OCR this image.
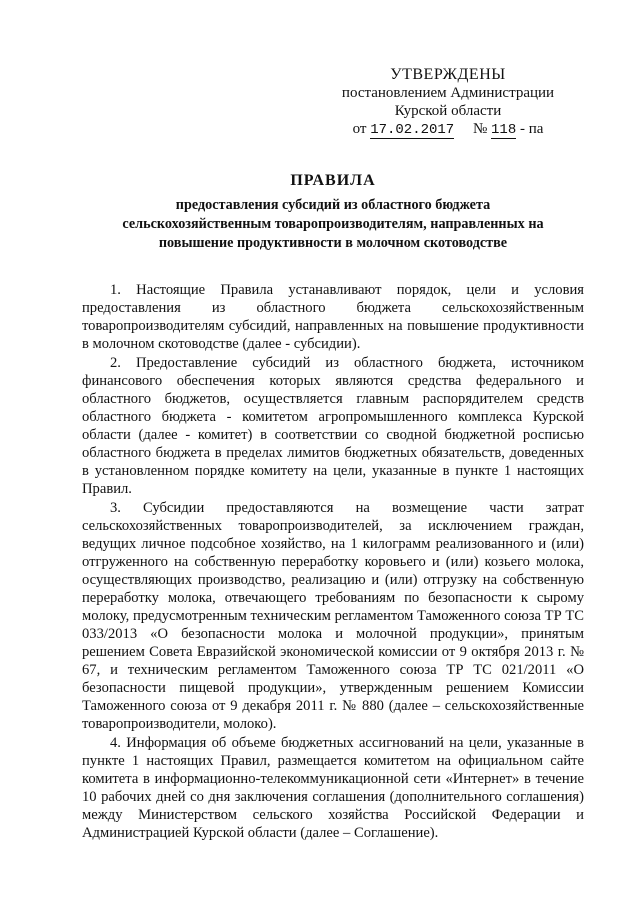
УТВЕРЖДЕНЫ
постановлением Администрации
Курской области
от 17.02.2017 № 118 - па
ПРАВИЛА
предоставления субсидий из областного бюджета
сельскохозяйственным товаропроизводителям, направленных на
повышение продуктивности в молочном скотоводстве

1. Настоящие Правила устанавливают порядок, цели и условия предоставления из областного бюджета сельскохозяйственным товаропроизводителям субсидий, направленных на повышение продуктивности в молочном скотоводстве (далее - субсидии).

2. Предоставление субсидий из областного бюджета, источником финансового обеспечения которых являются средства федерального и областного бюджетов, осуществляется главным распорядителем средств областного бюджета - комитетом агропромышленного комплекса Курской области (далее - комитет) в соответствии со сводной бюджетной росписью областного бюджета в пределах лимитов бюджетных обязательств, доведенных в установленном порядке комитету на цели, указанные в пункте 1 настоящих Правил.

3. Субсидии предоставляются на возмещение части затрат сельскохозяйственных товаропроизводителей, за исключением граждан, ведущих личное подсобное хозяйство, на 1 килограмм реализованного и (или) отгруженного на собственную переработку коровьего и (или) козьего молока, осуществляющих производство, реализацию и (или) отгрузку на собственную переработку молока, отвечающего требованиям по безопасности к сырому молоку, предусмотренным техническим регламентом Таможенного союза ТР ТС 033/2013 «О безопасности молока и молочной продукции», принятым решением Совета Евразийской экономической комиссии от 9 октября 2013 г. № 67, и техническим регламентом Таможенного союза ТР ТС 021/2011 «О безопасности пищевой продукции», утвержденным решением Комиссии Таможенного союза от 9 декабря 2011 г. № 880 (далее – сельскохозяйственные товаропроизводители, молоко).

4. Информация об объеме бюджетных ассигнований на цели, указанные в пункте 1 настоящих Правил, размещается комитетом на официальном сайте комитета в информационно-телекоммуникационной сети «Интернет» в течение 10 рабочих дней со дня заключения соглашения (дополнительного соглашения) между Министерством сельского хозяйства Российской Федерации и Администрацией Курской области (далее – Соглашение).
